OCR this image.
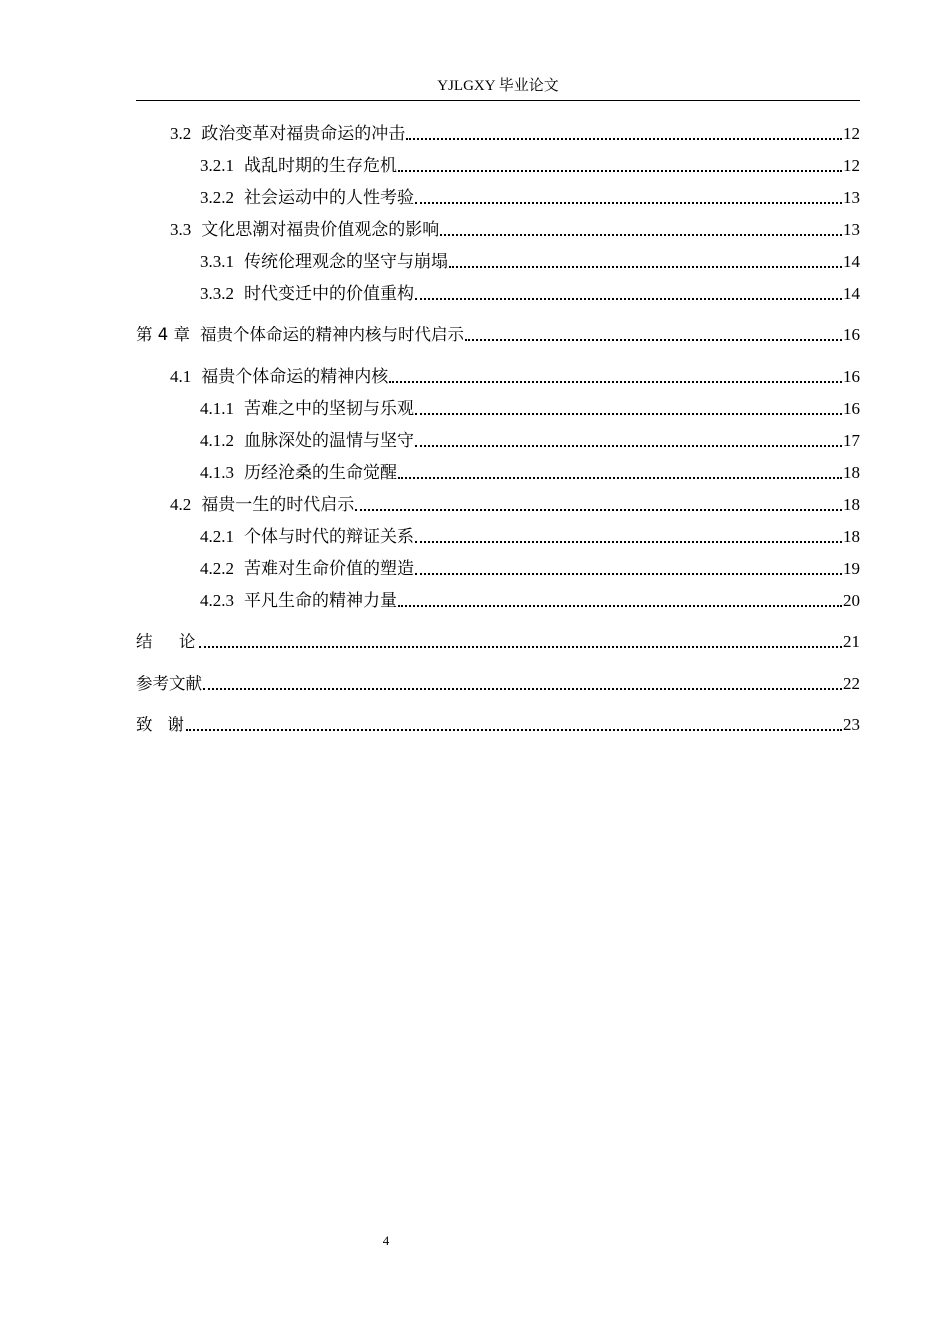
YJLGXY 毕业论文
3.2 政治变革对福贵命运的冲击	12
3.2.1 战乱时期的生存危机	12
3.2.2 社会运动中的人性考验	13
3.3 文化思潮对福贵价值观念的影响	13
3.3.1 传统伦理观念的坚守与崩塌	14
3.3.2 时代变迁中的价值重构	14
第 4 章 福贵个体命运的精神内核与时代启示	16
4.1 福贵个体命运的精神内核	16
4.1.1 苦难之中的坚韧与乐观	16
4.1.2 血脉深处的温情与坚守	17
4.1.3 历经沧桑的生命觉醒	18
4.2 福贵一生的时代启示	18
4.2.1 个体与时代的辩证关系	18
4.2.2 苦难对生命价值的塑造	19
4.2.3 平凡生命的精神力量	20
结论	21
参考文献	22
致谢	23
4
